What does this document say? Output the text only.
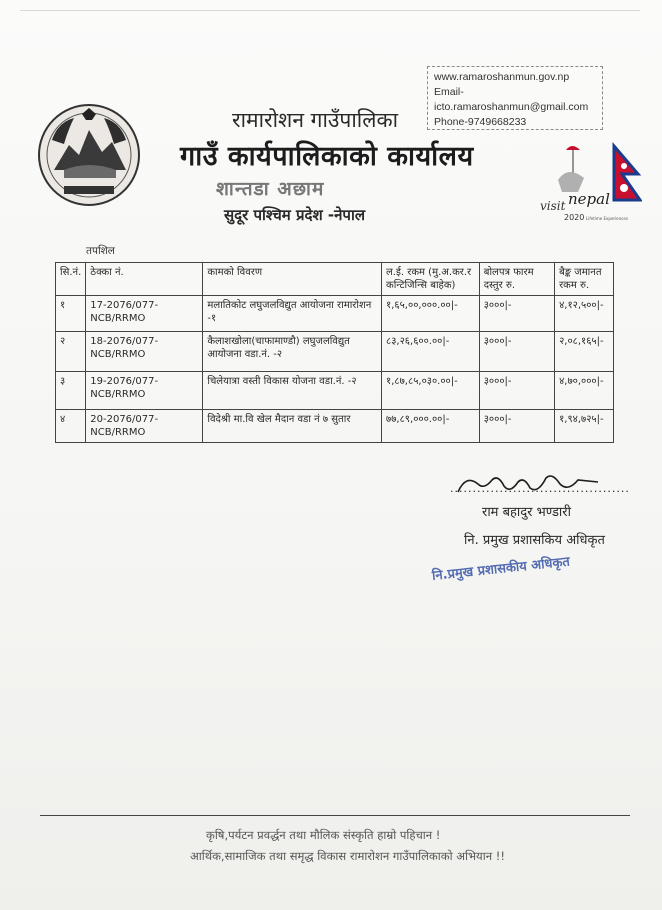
www.ramaroshanmun.gov.np
Email-
icto.ramaroshanmun@gmail.com
Phone-9749668233
रामारोशन गाउँपालिका
गाउँ कार्यपालिकाको कार्यालय
शान्तडा अछाम
सुदूर पश्चिम प्रदेश -नेपाल	visit nepal
2020 Lifetime Experiences
तपशिल
सि.नं.	ठेक्का नं.	कामको विवरण	ल.ई. रकम (मु.अ.कर.र कन्टिजिन्सि बाहेक)	बोलपत्र फारम दस्तुर रु.	बैङ्क जमानत रकम रु.
१	17-2076/077-NCB/RRMO	मलातिकोट लघुजलविद्युत आयोजना रामारोशन -१	१,६५,००,०००.००|-	३०००|-	४,१२,५००|-
२	18-2076/077-NCB/RRMO	कैलाशखोला(चाफामाण्डौ) लघुजलविद्युत आयोजना वडा.नं. -२	८३,२६,६००.००|-	३०००|-	२,०८,१६५|-
३	19-2076/077-NCB/RRMO	चिलेयात्रा वस्ती विकास योजना वडा.नं. -२	१,८७,८५,०३०.००|-	३०००|-	४,७०,०००|-
४	20-2076/077-NCB/RRMO	विदेश्री मा.वि खेल मैदान वडा नं ७ सुतार	७७,८९,०००.००|-	३०००|-	१,९४,७२५|-
........................................
राम बहादुर भण्डारी
नि. प्रमुख प्रशासकिय अधिकृत
नि.प्रमुख प्रशासकीय अधिकृत
कृषि,पर्यटन प्रवर्द्धन तथा मौलिक संस्कृति हाम्रो पहिचान !
आर्थिक,सामाजिक तथा समृद्ध विकास रामारोशन गाउँपालिकाको अभियान !!
